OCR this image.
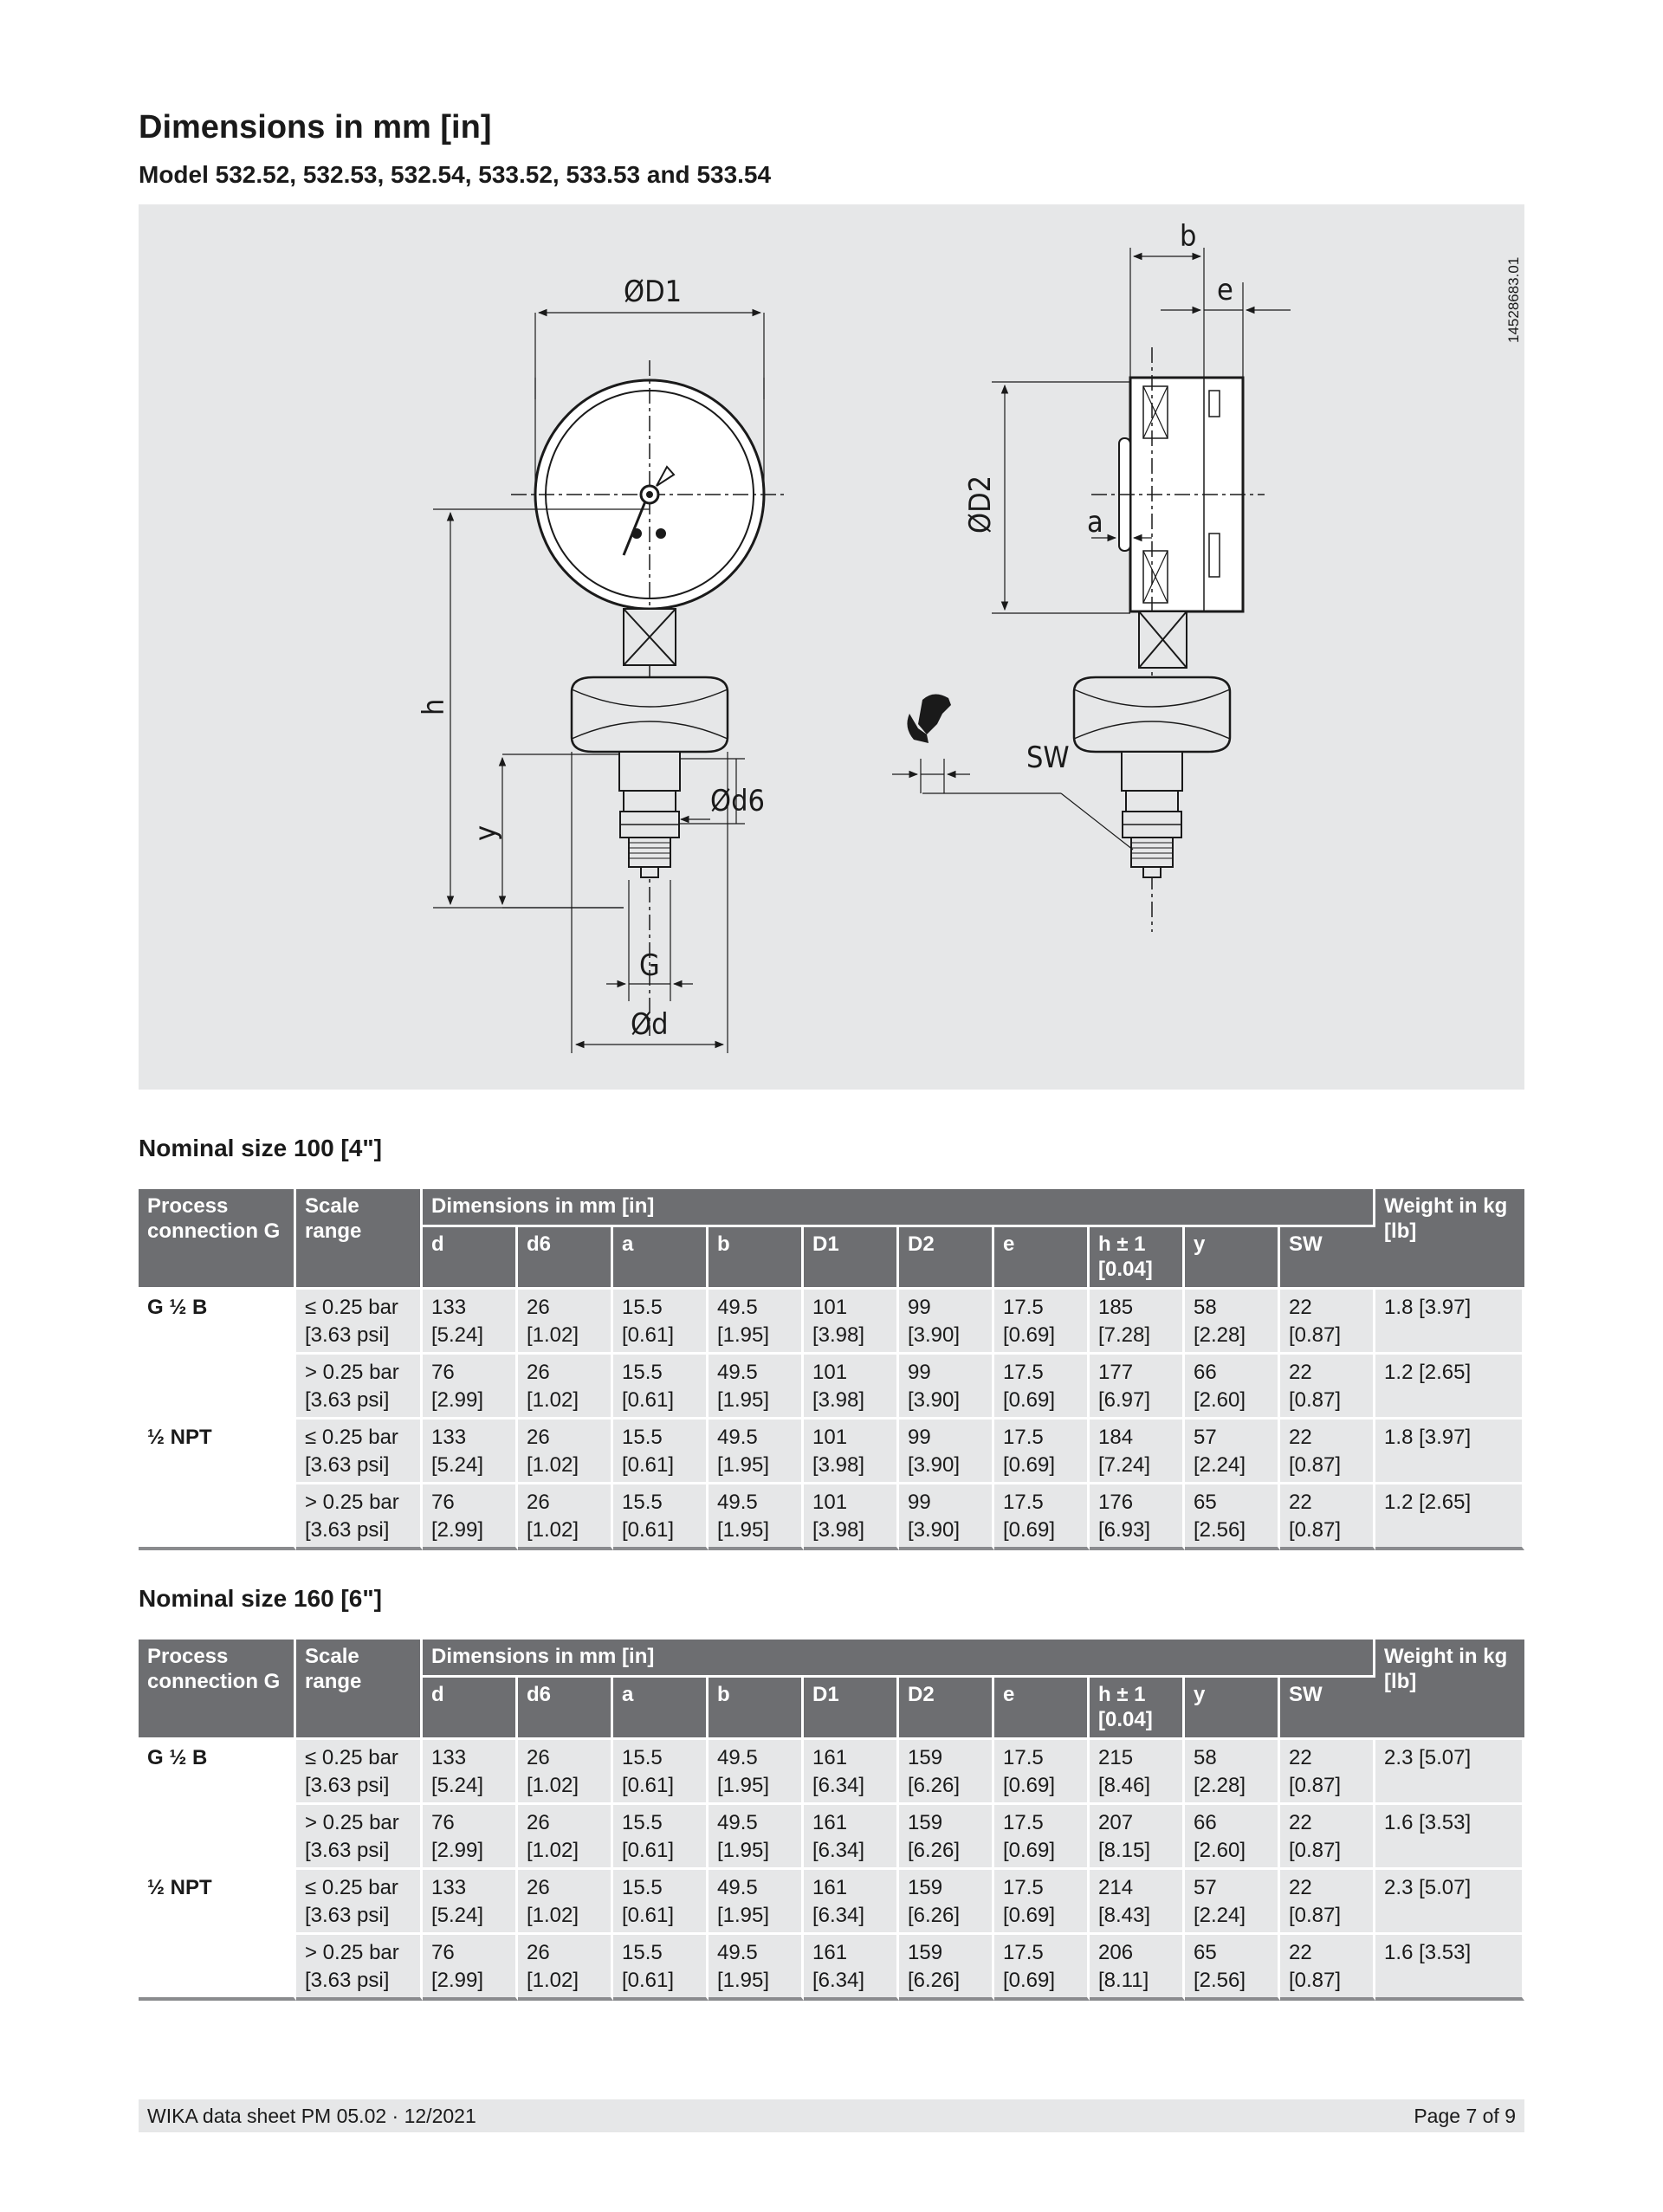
Dimensions in mm [in]
Model 532.52, 532.53, 532.54, 533.52, 533.53 and 533.54
ØD1
b
e
a
ØD2
h
y
Ød6
G
Ød
SW
14528683.01
Nominal size 100 [4"]
Process connection G	Scale range	Dimensions in mm [in]										Weight in kg [lb]
		d	d6	a	b	D1	D2	e	h ± 1 [0.04]	y	SW	
G ½ B	≤ 0.25 bar [3.63 psi]	133 [5.24]	26 [1.02]	15.5 [0.61]	49.5 [1.95]	101 [3.98]	99 [3.90]	17.5 [0.69]	185 [7.28]	58 [2.28]	22 [0.87]	1.8 [3.97]
	> 0.25 bar [3.63 psi]	76 [2.99]	26 [1.02]	15.5 [0.61]	49.5 [1.95]	101 [3.98]	99 [3.90]	17.5 [0.69]	177 [6.97]	66 [2.60]	22 [0.87]	1.2 [2.65]
½ NPT	≤ 0.25 bar [3.63 psi]	133 [5.24]	26 [1.02]	15.5 [0.61]	49.5 [1.95]	101 [3.98]	99 [3.90]	17.5 [0.69]	184 [7.24]	57 [2.24]	22 [0.87]	1.8 [3.97]
	> 0.25 bar [3.63 psi]	76 [2.99]	26 [1.02]	15.5 [0.61]	49.5 [1.95]	101 [3.98]	99 [3.90]	17.5 [0.69]	176 [6.93]	65 [2.56]	22 [0.87]	1.2 [2.65]
Nominal size 160 [6"]
Process connection G	Scale range	Dimensions in mm [in]										Weight in kg [lb]
		d	d6	a	b	D1	D2	e	h ± 1 [0.04]	y	SW	
G ½ B	≤ 0.25 bar [3.63 psi]	133 [5.24]	26 [1.02]	15.5 [0.61]	49.5 [1.95]	161 [6.34]	159 [6.26]	17.5 [0.69]	215 [8.46]	58 [2.28]	22 [0.87]	2.3 [5.07]
	> 0.25 bar [3.63 psi]	76 [2.99]	26 [1.02]	15.5 [0.61]	49.5 [1.95]	161 [6.34]	159 [6.26]	17.5 [0.69]	207 [8.15]	66 [2.60]	22 [0.87]	1.6 [3.53]
½ NPT	≤ 0.25 bar [3.63 psi]	133 [5.24]	26 [1.02]	15.5 [0.61]	49.5 [1.95]	161 [6.34]	159 [6.26]	17.5 [0.69]	214 [8.43]	57 [2.24]	22 [0.87]	2.3 [5.07]
	> 0.25 bar [3.63 psi]	76 [2.99]	26 [1.02]	15.5 [0.61]	49.5 [1.95]	161 [6.34]	159 [6.26]	17.5 [0.69]	206 [8.11]	65 [2.56]	22 [0.87]	1.6 [3.53]
WIKA data sheet PM 05.02 · 12/2021	Page 7 of 9
